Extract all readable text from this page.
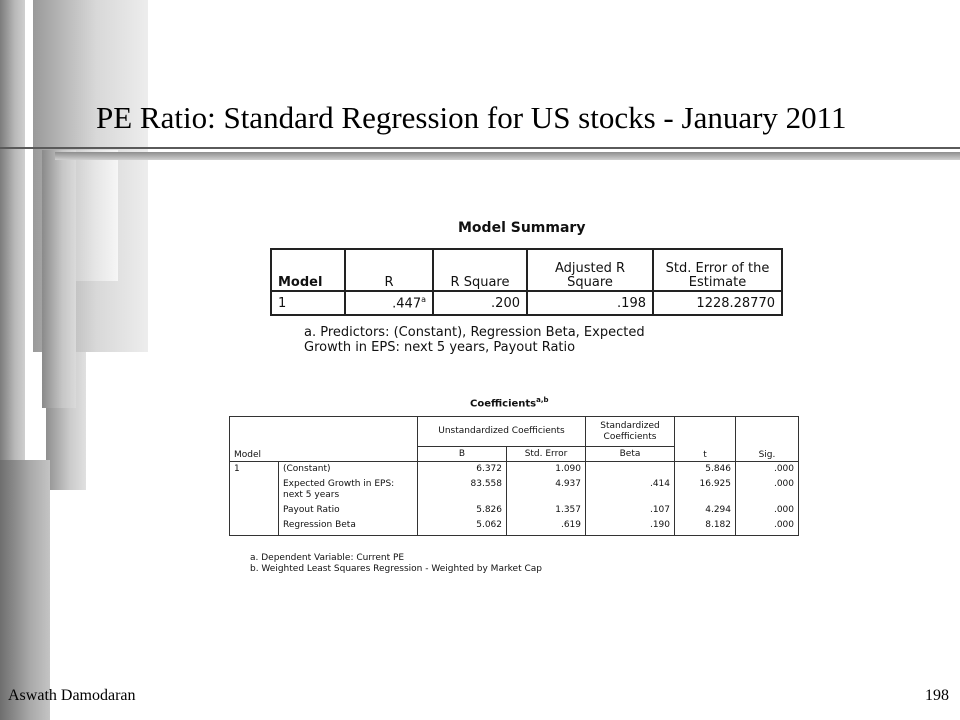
PE Ratio: Standard Regression for US stocks - January 2011
Model Summary
Model	R	R Square	Adjusted R Square	Std. Error of the Estimate
1	.447$^a$	.200	.198	1228.28770
a. Predictors: (Constant), Regression Beta, Expected
Growth in EPS: next 5 years, Payout Ratio
Coefficients$^{a,b}$
Model		Unstandardized Coefficients		Standardized Coefficients	t	Sig.
		B	Std. Error	Beta		
1	(Constant)	6.372	1.090		5.846	.000
	Expected Growth in EPS: next 5 years	83.558	4.937	.414	16.925	.000
	Payout Ratio	5.826	1.357	.107	4.294	.000
	Regression Beta	5.062	.619	.190	8.182	.000
a. Dependent Variable: Current PE
b. Weighted Least Squares Regression - Weighted by Market Cap
Aswath Damodaran	198
